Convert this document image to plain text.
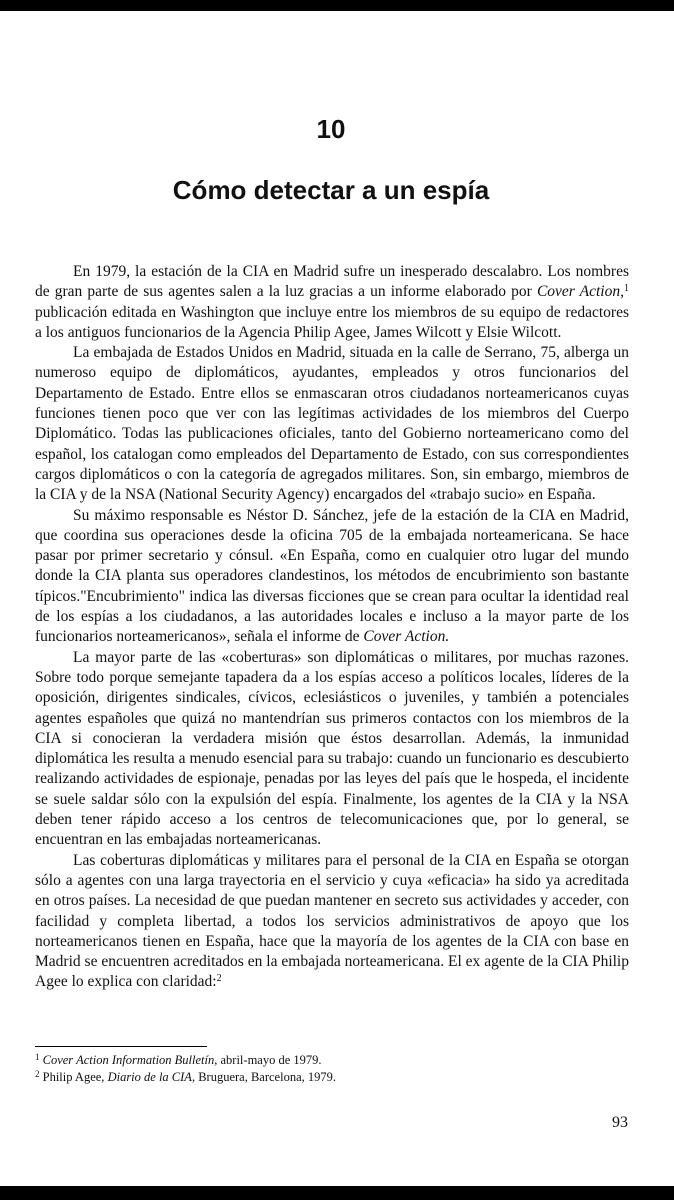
10
Cómo detectar a un espía

En 1979, la estación de la CIA en Madrid sufre un inesperado descalabro. Los nombres de gran parte de sus agentes salen a la luz gracias a un informe elaborado por Cover Action,$^1$ publicación editada en Washington que incluye entre los miembros de su equipo de redactores a los antiguos funcionarios de la Agencia Philip Agee, James Wilcott y Elsie Wilcott.

La embajada de Estados Unidos en Madrid, situada en la calle de Serrano, 75, alberga un numeroso equipo de diplomáticos, ayudantes, empleados y otros funcionarios del Departamento de Estado. Entre ellos se enmascaran otros ciudadanos norteamericanos cuyas funciones tienen poco que ver con las legítimas actividades de los miembros del Cuerpo Diplomático. Todas las publicaciones oficiales, tanto del Gobierno norteamericano como del español, los catalogan como empleados del Departamento de Estado, con sus correspondientes cargos diplomáticos o con la categoría de agregados militares. Son, sin embargo, miembros de la CIA y de la NSA (National Security Agency) encargados del «trabajo sucio» en España.

Su máximo responsable es Néstor D. Sánchez, jefe de la estación de la CIA en Madrid, que coordina sus operaciones desde la oficina 705 de la embajada norteamericana. Se hace pasar por primer secretario y cónsul. «En España, como en cualquier otro lugar del mundo donde la CIA planta sus operadores clandestinos, los métodos de encubrimiento son bastante típicos."Encubrimiento" indica las diversas ficciones que se crean para ocultar la identidad real de los espías a los ciudadanos, a las autoridades locales e incluso a la mayor parte de los funcionarios norteamericanos», señala el informe de Cover Action.

La mayor parte de las «coberturas» son diplomáticas o militares, por muchas razones. Sobre todo porque semejante tapadera da a los espías acceso a políticos locales, líderes de la oposición, dirigentes sindicales, cívicos, eclesiásticos o juveniles, y también a potenciales agentes españoles que quizá no mantendrían sus primeros contactos con los miembros de la CIA si conocieran la verdadera misión que éstos desarrollan. Además, la inmunidad diplomática les resulta a menudo esencial para su trabajo: cuando un funcionario es descubierto realizando actividades de espionaje, penadas por las leyes del país que le hospeda, el incidente se suele saldar sólo con la expulsión del espía. Finalmente, los agentes de la CIA y la NSA deben tener rápido acceso a los centros de telecomunicaciones que, por lo general, se encuentran en las embajadas norteamericanas.

Las coberturas diplomáticas y militares para el personal de la CIA en España se otorgan sólo a agentes con una larga trayectoria en el servicio y cuya «eficacia» ha sido ya acreditada en otros países. La necesidad de que puedan mantener en secreto sus actividades y acceder, con facilidad y completa libertad, a todos los servicios administrativos de apoyo que los norteamericanos tienen en España, hace que la mayoría de los agentes de la CIA con base en Madrid se encuentren acreditados en la embajada norteamericana. El ex agente de la CIA Philip Agee lo explica con claridad:$^2$

$^1$ Cover Action Information Bulletín, abril-mayo de 1979.
$^2$ Philip Agee, Diario de la CIA, Bruguera, Barcelona, 1979.
93
